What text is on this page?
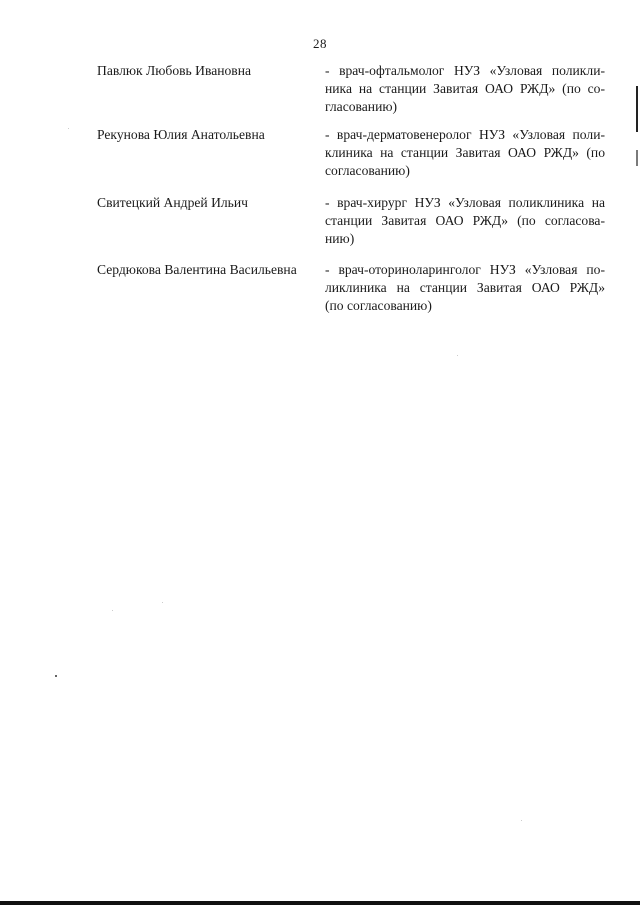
28
Павлюк Любовь Ивановна	- врач-офтальмолог НУЗ «Узловая поликли-
ника на станции Завитая ОАО РЖД» (по со-
гласованию)
Рекунова Юлия Анатольевна	- врач-дерматовенеролог НУЗ «Узловая поли-
клиника на станции Завитая ОАО РЖД» (по
согласованию)
Свитецкий Андрей Ильич	- врач-хирург НУЗ «Узловая поликлиника на
станции Завитая ОАО РЖД» (по согласова-
нию)
Сердюкова Валентина Васильевна	- врач-оториноларинголог НУЗ «Узловая по-
ликлиника на станции Завитая ОАО РЖД»
(по согласованию)
